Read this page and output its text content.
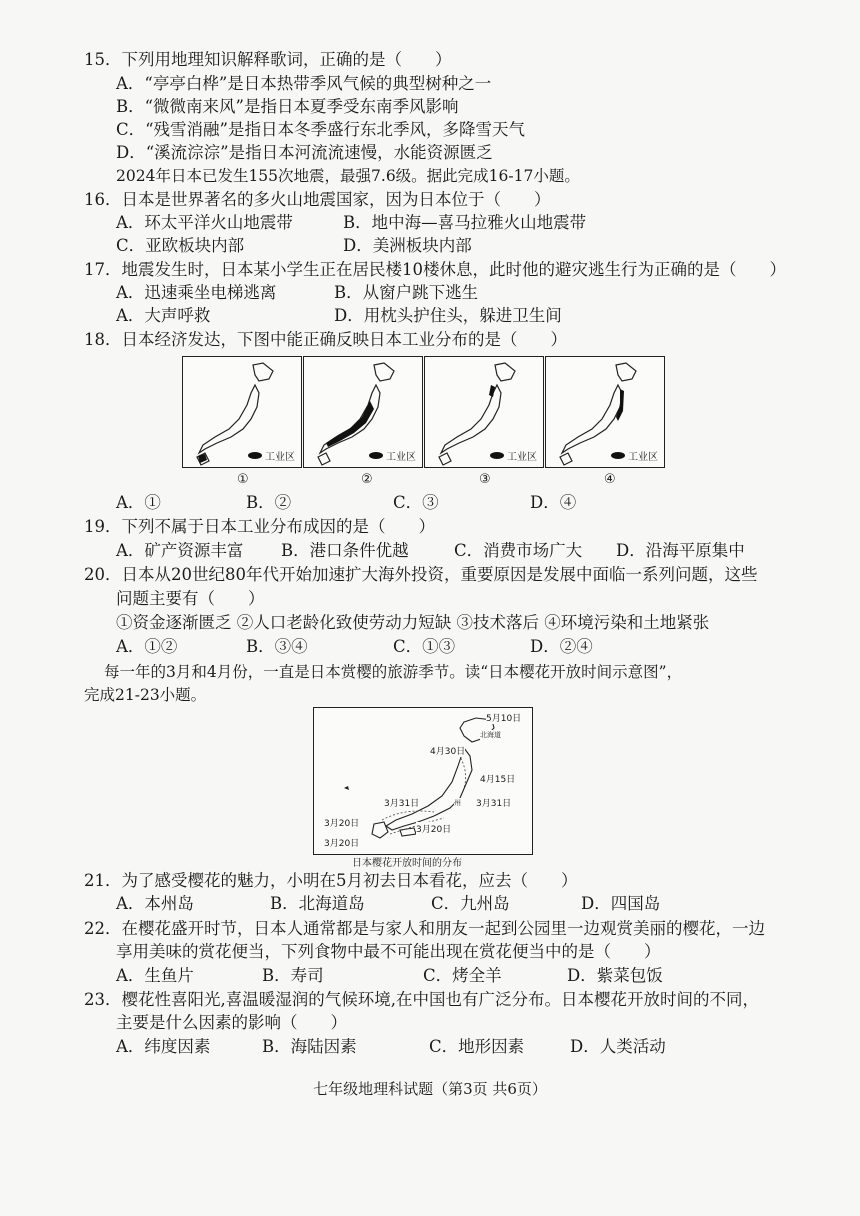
15．下列用地理知识解释歌词，正确的是（　　）
A．“亭亭白桦”是日本热带季风气候的典型树种之一
B．“微微南来风”是指日本夏季受东南季风影响
C．“残雪消融”是指日本冬季盛行东北季风，多降雪天气
D．“溪流淙淙”是指日本河流流速慢，水能资源匮乏
2024年日本已发生155次地震，最强7.6级。据此完成16-17小题。
16．日本是世界著名的多火山地震国家，因为日本位于（　　）
A．环太平洋火山地震带	B．地中海—喜马拉雅火山地震带
C．亚欧板块内部	D．美洲板块内部
17．地震发生时，日本某小学生正在居民楼10楼休息，此时他的避灾逃生行为正确的是（　　）
A．迅速乘坐电梯逃离	B．从窗户跳下逃生
A．大声呼救	D．用枕头护住头，躲进卫生间
18．日本经济发达，下图中能正确反映日本工业分布的是（　　）
工业区	工业区	工业区	工业区
①	②	③	④
A．①	B．②	C．③	D．④
19．下列不属于日本工业分布成因的是（　　）
A．矿产资源丰富 B．港口条件优越	C．消费市场广大 D．沿海平原集中
20．日本从20世纪80年代开始加速扩大海外投资，重要原因是发展中面临一系列问题，这些
问题主要有（　　）
①资金逐渐匮乏 ②人口老龄化致使劳动力短缺 ③技术落后 ④环境污染和土地紧张
A．①②	B．③④	C．①③	D．②④
每一年的3月和4月份，一直是日本赏樱的旅游季节。读“日本樱花开放时间示意图”，
完成21-23小题。
5月10日
北海道
4月30日
4月15日
3月31日	3月31日
3月20日
3月20日
3月20日
州
日本樱花开放时间的分布
21．为了感受樱花的魅力，小明在5月初去日本看花，应去（　　）
A．本州岛	B．北海道岛	C．九州岛	D．四国岛
22．在樱花盛开时节，日本人通常都是与家人和朋友一起到公园里一边观赏美丽的樱花，一边
享用美味的赏花便当，下列食物中最不可能出现在赏花便当中的是（　　）
A．生鱼片	B．寿司	C．烤全羊	D．紫菜包饭
23．樱花性喜阳光,喜温暖湿润的气候环境,在中国也有广泛分布。日本樱花开放时间的不同，
主要是什么因素的影响（　　）
A．纬度因素	B．海陆因素	C．地形因素	D．人类活动
七年级地理科试题（第3页 共6页）
